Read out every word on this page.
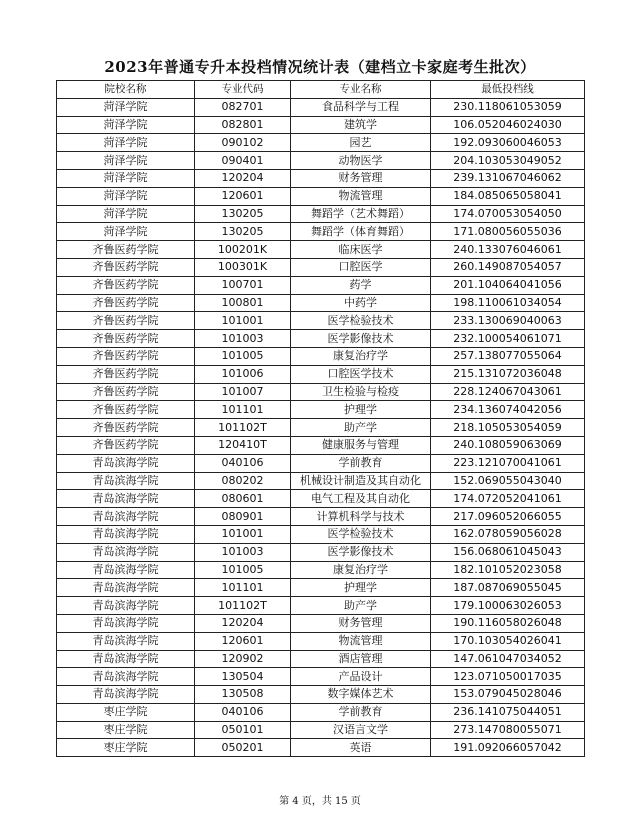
2023年普通专升本投档情况统计表（建档立卡家庭考生批次）
院校名称	专业代码	专业名称	最低投档线
菏泽学院	082701	食品科学与工程	230.118061053059
菏泽学院	082801	建筑学	106.052046024030
菏泽学院	090102	园艺	192.093060046053
菏泽学院	090401	动物医学	204.103053049052
菏泽学院	120204	财务管理	239.131067046062
菏泽学院	120601	物流管理	184.085065058041
菏泽学院	130205	舞蹈学（艺术舞蹈）	174.070053054050
菏泽学院	130205	舞蹈学（体育舞蹈）	171.080056055036
齐鲁医药学院	100201K	临床医学	240.133076046061
齐鲁医药学院	100301K	口腔医学	260.149087054057
齐鲁医药学院	100701	药学	201.104064041056
齐鲁医药学院	100801	中药学	198.110061034054
齐鲁医药学院	101001	医学检验技术	233.130069040063
齐鲁医药学院	101003	医学影像技术	232.100054061071
齐鲁医药学院	101005	康复治疗学	257.138077055064
齐鲁医药学院	101006	口腔医学技术	215.131072036048
齐鲁医药学院	101007	卫生检验与检疫	228.124067043061
齐鲁医药学院	101101	护理学	234.136074042056
齐鲁医药学院	101102T	助产学	218.105053054059
齐鲁医药学院	120410T	健康服务与管理	240.108059063069
青岛滨海学院	040106	学前教育	223.121070041061
青岛滨海学院	080202	机械设计制造及其自动化	152.069055043040
青岛滨海学院	080601	电气工程及其自动化	174.072052041061
青岛滨海学院	080901	计算机科学与技术	217.096052066055
青岛滨海学院	101001	医学检验技术	162.078059056028
青岛滨海学院	101003	医学影像技术	156.068061045043
青岛滨海学院	101005	康复治疗学	182.101052023058
青岛滨海学院	101101	护理学	187.087069055045
青岛滨海学院	101102T	助产学	179.100063026053
青岛滨海学院	120204	财务管理	190.116058026048
青岛滨海学院	120601	物流管理	170.103054026041
青岛滨海学院	120902	酒店管理	147.061047034052
青岛滨海学院	130504	产品设计	123.071050017035
青岛滨海学院	130508	数字媒体艺术	153.079045028046
枣庄学院	040106	学前教育	236.141075044051
枣庄学院	050101	汉语言文学	273.147080055071
枣庄学院	050201	英语	191.092066057042
第 4 页，共 15 页
